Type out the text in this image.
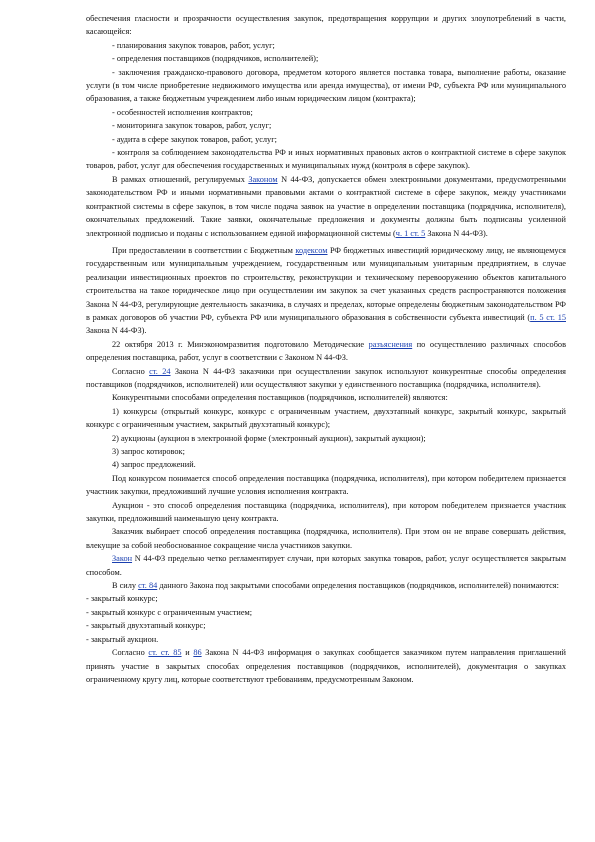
обеспечения гласности и прозрачности осуществления закупок, предотвращения коррупции и других злоупотреблений в части, касающейся:

- планирования закупок товаров, работ, услуг;

- определения поставщиков (подрядчиков, исполнителей);

- заключения гражданско-правового договора, предметом которого является поставка товара, выполнение работы, оказание услуги (в том числе приобретение недвижимого имущества или аренда имущества), от имени РФ, субъекта РФ или муниципального образования, а также бюджетным учреждением либо иным юридическим лицом (контракта);

- особенностей исполнения контрактов;

- мониторинга закупок товаров, работ, услуг;

- аудита в сфере закупок товаров, работ, услуг;

- контроля за соблюдением законодательства РФ и иных нормативных правовых актов о контрактной системе в сфере закупок товаров, работ, услуг для обеспечения государственных и муниципальных нужд (контроля в сфере закупок).

В рамках отношений, регулируемых Законом N 44-ФЗ, допускается обмен электронными документами, предусмотренными законодательством РФ и иными нормативными правовыми актами о контрактной системе в сфере закупок, между участниками контрактной системы в сфере закупок, в том числе подача заявок на участие в определении поставщика (подрядчика, исполнителя), окончательных предложений. Такие заявки, окончательные предложения и документы должны быть подписаны усиленной электронной подписью и поданы с использованием единой информационной системы (ч. 1 ст. 5 Закона N 44-ФЗ).

При предоставлении в соответствии с Бюджетным кодексом РФ бюджетных инвестиций юридическому лицу, не являющемуся государственным или муниципальным учреждением, государственным или муниципальным унитарным предприятием, в случае реализации инвестиционных проектов по строительству, реконструкции и техническому перевооружению объектов капитального строительства на такое юридическое лицо при осуществлении им закупок за счет указанных средств распространяются положения Закона N 44-ФЗ, регулирующие деятельность заказчика, в случаях и пределах, которые определены бюджетным законодательством РФ в рамках договоров об участии РФ, субъекта РФ или муниципального образования в собственности субъекта инвестиций (п. 5 ст. 15 Закона N 44-ФЗ).

22 октября 2013 г. Минэкономразвития подготовило Методические разъяснения по осуществлению различных способов определения поставщика, работ, услуг в соответствии с Законом N 44-ФЗ.

Согласно ст. 24 Закона N 44-ФЗ заказчики при осуществлении закупок используют конкурентные способы определения поставщиков (подрядчиков, исполнителей) или осуществляют закупки у единственного поставщика (подрядчика, исполнителя).

Конкурентными способами определения поставщиков (подрядчиков, исполнителей) являются:

1) конкурсы (открытый конкурс, конкурс с ограниченным участием, двухэтапный конкурс, закрытый конкурс, закрытый конкурс с ограниченным участием, закрытый двухэтапный конкурс);

2) аукционы (аукцион в электронной форме (электронный аукцион), закрытый аукцион);

3) запрос котировок;

4) запрос предложений.

Под конкурсом понимается способ определения поставщика (подрядчика, исполнителя), при котором победителем признается участник закупки, предложивший лучшие условия исполнения контракта.

Аукцион - это способ определения поставщика (подрядчика, исполнителя), при котором победителем признается участник закупки, предложивший наименьшую цену контракта.

Заказчик выбирает способ определения поставщика (подрядчика, исполнителя). При этом он не вправе совершать действия, влекущие за собой необоснованное сокращение числа участников закупки.

Закон N 44-ФЗ предельно четко регламентирует случаи, при которых закупка товаров, работ, услуг осуществляется закрытым способом.

В силу ст. 84 данного Закона под закрытыми способами определения поставщиков (подрядчиков, исполнителей) понимаются:

- закрытый конкурс;

- закрытый конкурс с ограниченным участием;

- закрытый двухэтапный конкурс;

- закрытый аукцион.

Согласно ст. ст. 85 и 86 Закона N 44-ФЗ информация о закупках сообщается заказчиком путем направления приглашений принять участие в закрытых способах определения поставщиков (подрядчиков, исполнителей), документация о закупках ограниченному кругу лиц, которые соответствуют требованиям, предусмотренным Законом.
